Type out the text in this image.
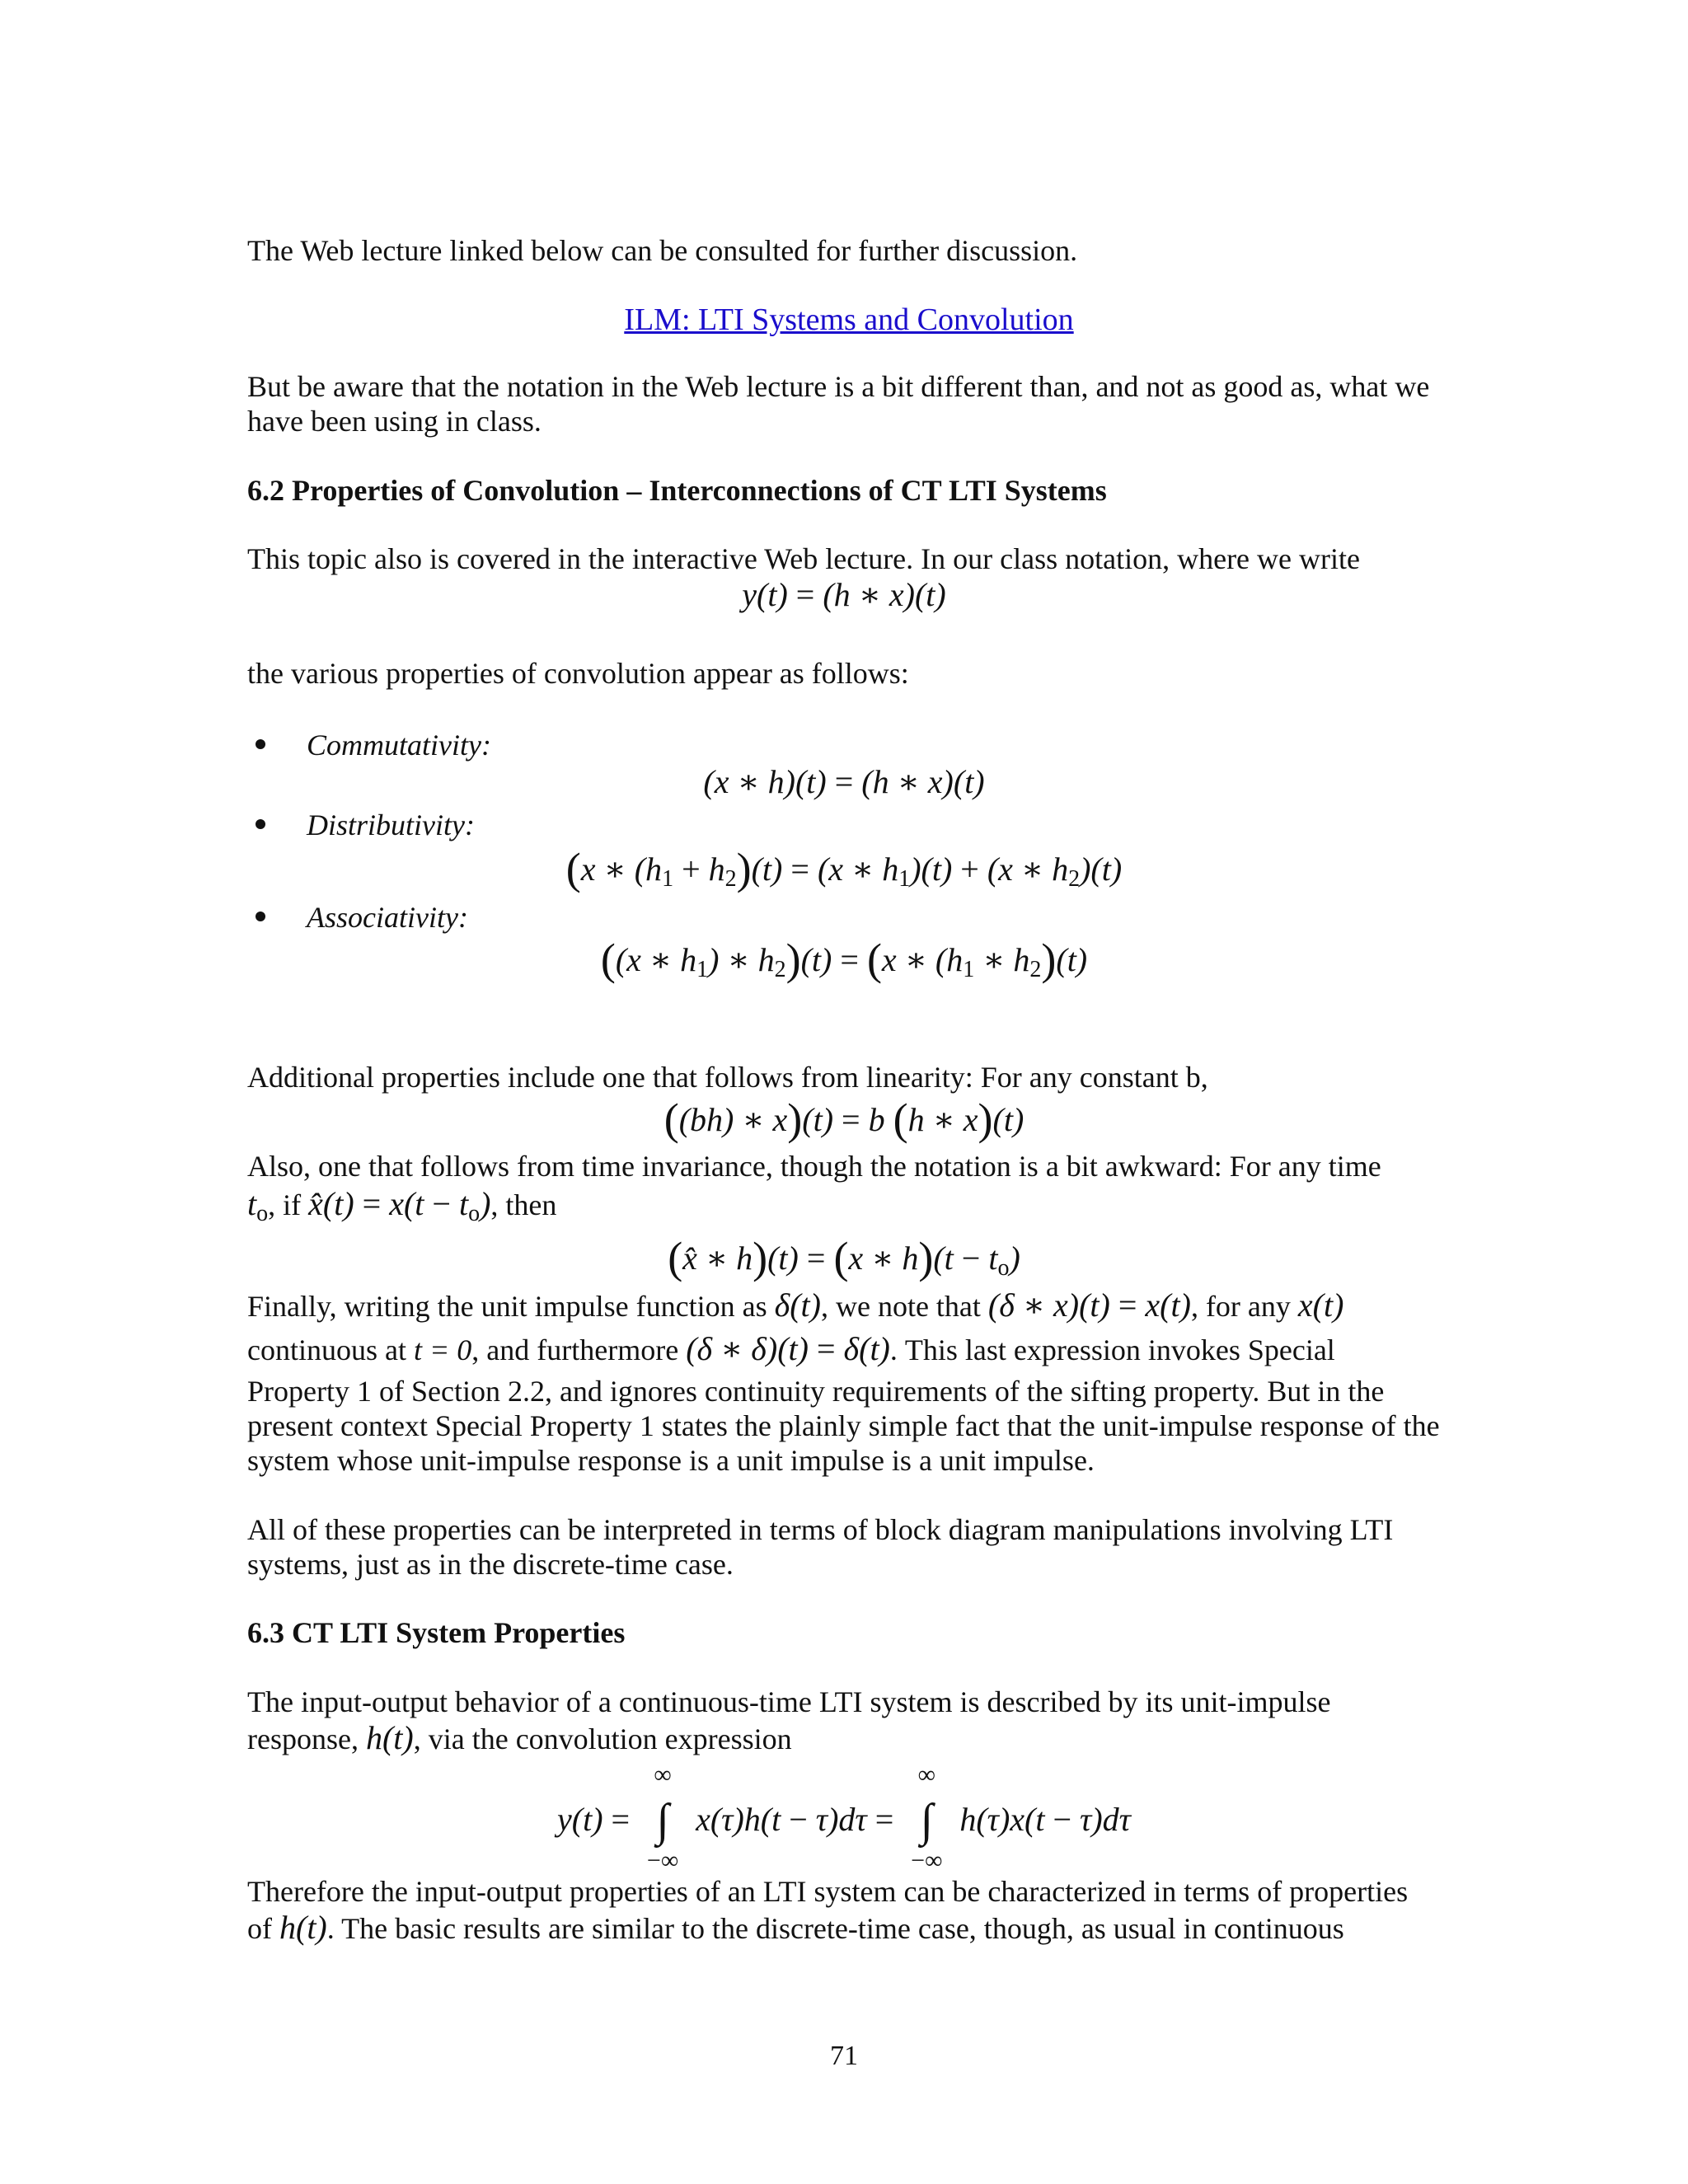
The Web lecture linked below can be consulted for further discussion.

ILM: LTI Systems and Convolution

But be aware that the notation in the Web lecture is a bit different than, and not as good as, what we have been using in class.

6.2 Properties of Convolution – Interconnections of CT LTI Systems

This topic also is covered in the interactive Web lecture. In our class notation, where we write

y(t) = (h ∗ x)(t)

the various properties of convolution appear as follows:

Commutativity:
(x ∗ h)(t) = (h ∗ x)(t)
Distributivity:
(x ∗ $(h_1 + h_2)(t) = (x$ ∗ $h_1)(t) + (x$ ∗ $h_2)(t)$
Associativity:
((x ∗ $h_1$) ∗ $h_2)(t) = (x$ ∗ ($h_1$ ∗ $h_2)(t)$

Additional properties include one that follows from linearity: For any constant b,

((bh) ∗ x)(t) = b (h ∗ x)(t)

Also, one that follows from time invariance, though the notation is a bit awkward: For any time

$t_o$, if x̂(t) = $x(t - t_o)$, then

(x̂ ∗ h)(t) = (x ∗ $h)(t - t_o)$

Finally, writing the unit impulse function as δ(t), we note that (δ ∗ x)(t) = x(t), for any x(t)

continuous at t = 0, and furthermore (δ ∗ δ)(t) = δ(t). This last expression invokes Special

Property 1 of Section 2.2, and ignores continuity requirements of the sifting property. But in the present context Special Property 1 states the plainly simple fact that the unit-impulse response of the system whose unit-impulse response is a unit impulse is a unit impulse.

All of these properties can be interpreted in terms of block diagram manipulations involving LTI systems, just as in the discrete-time case.

6.3 CT LTI System Properties

The input-output behavior of a continuous-time LTI system is described by its unit-impulse

response, h(t), via the convolution expression

y(t) =
∞
∫
−∞
x(τ)h(t − τ)dτ =
∞
∫
−∞
h(τ)x(t − τ)dτ

Therefore the input-output properties of an LTI system can be characterized in terms of properties

of h(t). The basic results are similar to the discrete-time case, though, as usual in continuous

71
